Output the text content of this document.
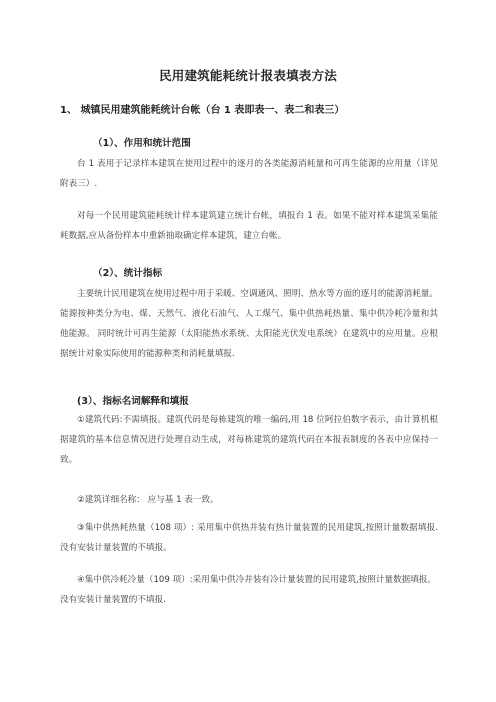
民用建筑能耗统计报表填表方法
1、 城镇民用建筑能耗统计台帐（台 1 表即表一、表二和表三）
（1）、作用和统计范围

台 1 表用于记录样本建筑在使用过程中的逐月的各类能源消耗量和可再生能源的应用量（详见附表三）.

对每一个民用建筑能耗统计样本建筑建立统计台帐，填报台 1 表。如果不能对样本建筑采集能耗数据,应从备份样本中重新抽取确定样本建筑，建立台帐。

（2）、统计指标

主要统计民用建筑在使用过程中用于采暖、空调通风、照明、热水等方面的逐月的能源消耗量。能源按种类分为电、煤、天然气、液化石油气、人工煤气、集中供热耗热量、集中供冷耗冷量和其他能源。 同时统计可再生能源（太阳能热水系统、太阳能光伏发电系统）在建筑中的应用量。应根据统计对象实际使用的能源种类和消耗量填报.

(3）、指标名词解释和填报

①建筑代码:不需填报。建筑代码是每栋建筑的唯一编码,用 18 位阿拉伯数字表示，由计算机根据建筑的基本信息情况进行处理自动生成，对每栋建筑的建筑代码在本报表制度的各表中应保持一致。

②建筑详细名称： 应与基 1 表一致。

③集中供热耗热量（108 项）: 采用集中供热并装有热计量装置的民用建筑,按照计量数据填报.没有安装计量装置的不填报。

④集中供冷耗冷量（109 项）:采用集中供冷并装有冷计量装置的民用建筑,按照计量数据填报。没有安装计量装置的不填报.
